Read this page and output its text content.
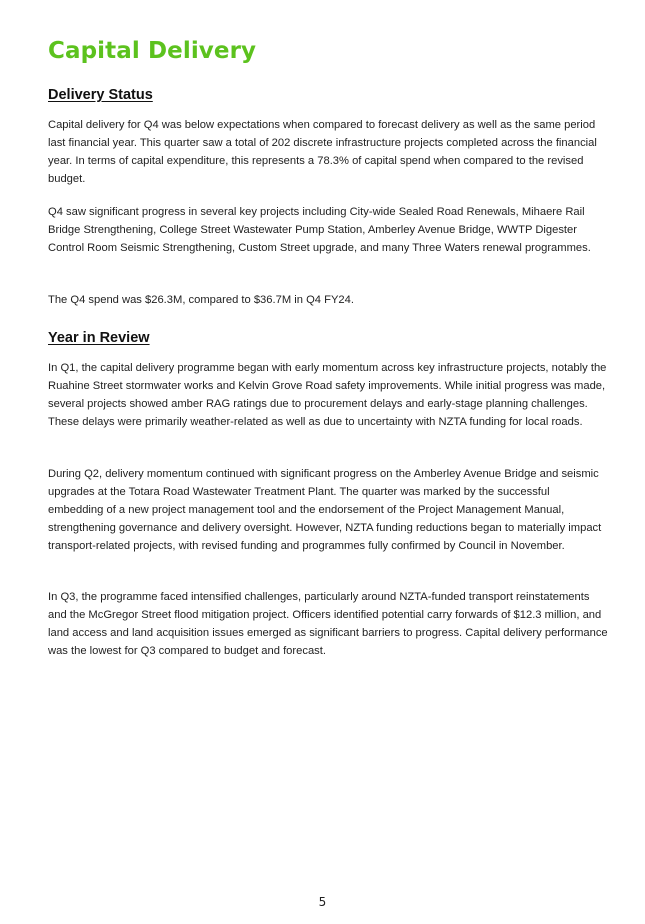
Capital Delivery
Delivery Status

Capital delivery for Q4 was below expectations when compared to forecast delivery as well as the same period last financial year. This quarter saw a total of 202 discrete infrastructure projects completed across the financial year. In terms of capital expenditure, this represents a 78.3% of capital spend when compared to the revised budget.

Q4 saw significant progress in several key projects including City-wide Sealed Road Renewals, Mihaere Rail Bridge Strengthening, College Street Wastewater Pump Station, Amberley Avenue Bridge, WWTP Digester Control Room Seismic Strengthening, Custom Street upgrade, and many Three Waters renewal programmes.

The Q4 spend was $26.3M, compared to $36.7M in Q4 FY24.

Year in Review

In Q1, the capital delivery programme began with early momentum across key infrastructure projects, notably the Ruahine Street stormwater works and Kelvin Grove Road safety improvements. While initial progress was made, several projects showed amber RAG ratings due to procurement delays and early-stage planning challenges. These delays were primarily weather-related as well as due to uncertainty with NZTA funding for local roads.

During Q2, delivery momentum continued with significant progress on the Amberley Avenue Bridge and seismic upgrades at the Totara Road Wastewater Treatment Plant. The quarter was marked by the successful embedding of a new project management tool and the endorsement of the Project Management Manual, strengthening governance and delivery oversight. However, NZTA funding reductions began to materially impact transport-related projects, with revised funding and programmes fully confirmed by Council in November.

In Q3, the programme faced intensified challenges, particularly around NZTA-funded transport reinstatements and the McGregor Street flood mitigation project. Officers identified potential carry forwards of $12.3 million, and land access and land acquisition issues emerged as significant barriers to progress. Capital delivery performance was the lowest for Q3 compared to budget and forecast.

5
